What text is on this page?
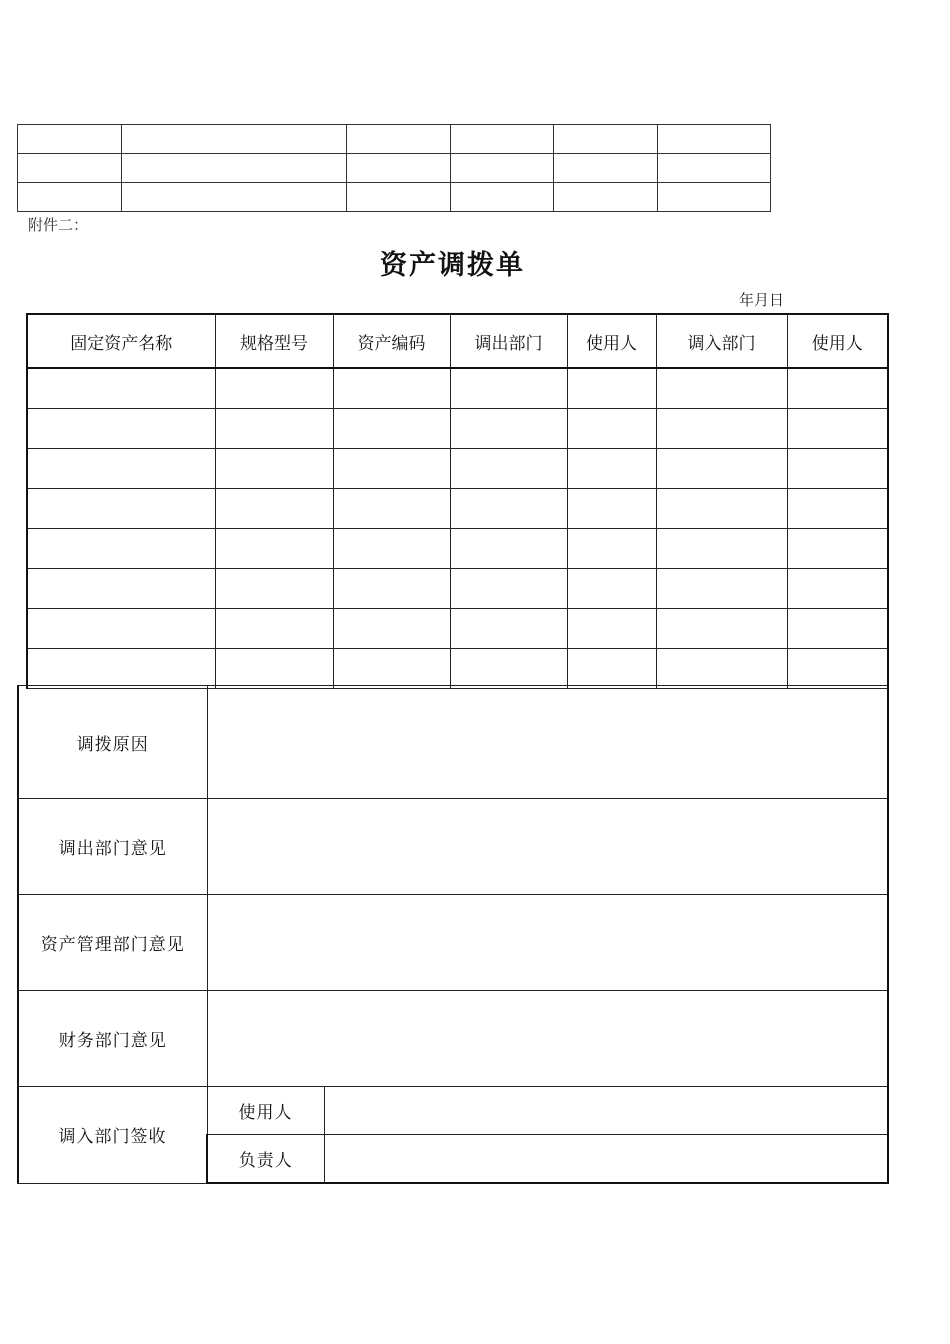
附件二：
资产调拨单
年月日
固定资产名称	规格型号	资产编码	调出部门	使用人	调入部门	使用人

调拨原因		
调出部门意见		
资产管理部门意见		
财务部门意见		
调入部门签收	使用人	
	负责人	
